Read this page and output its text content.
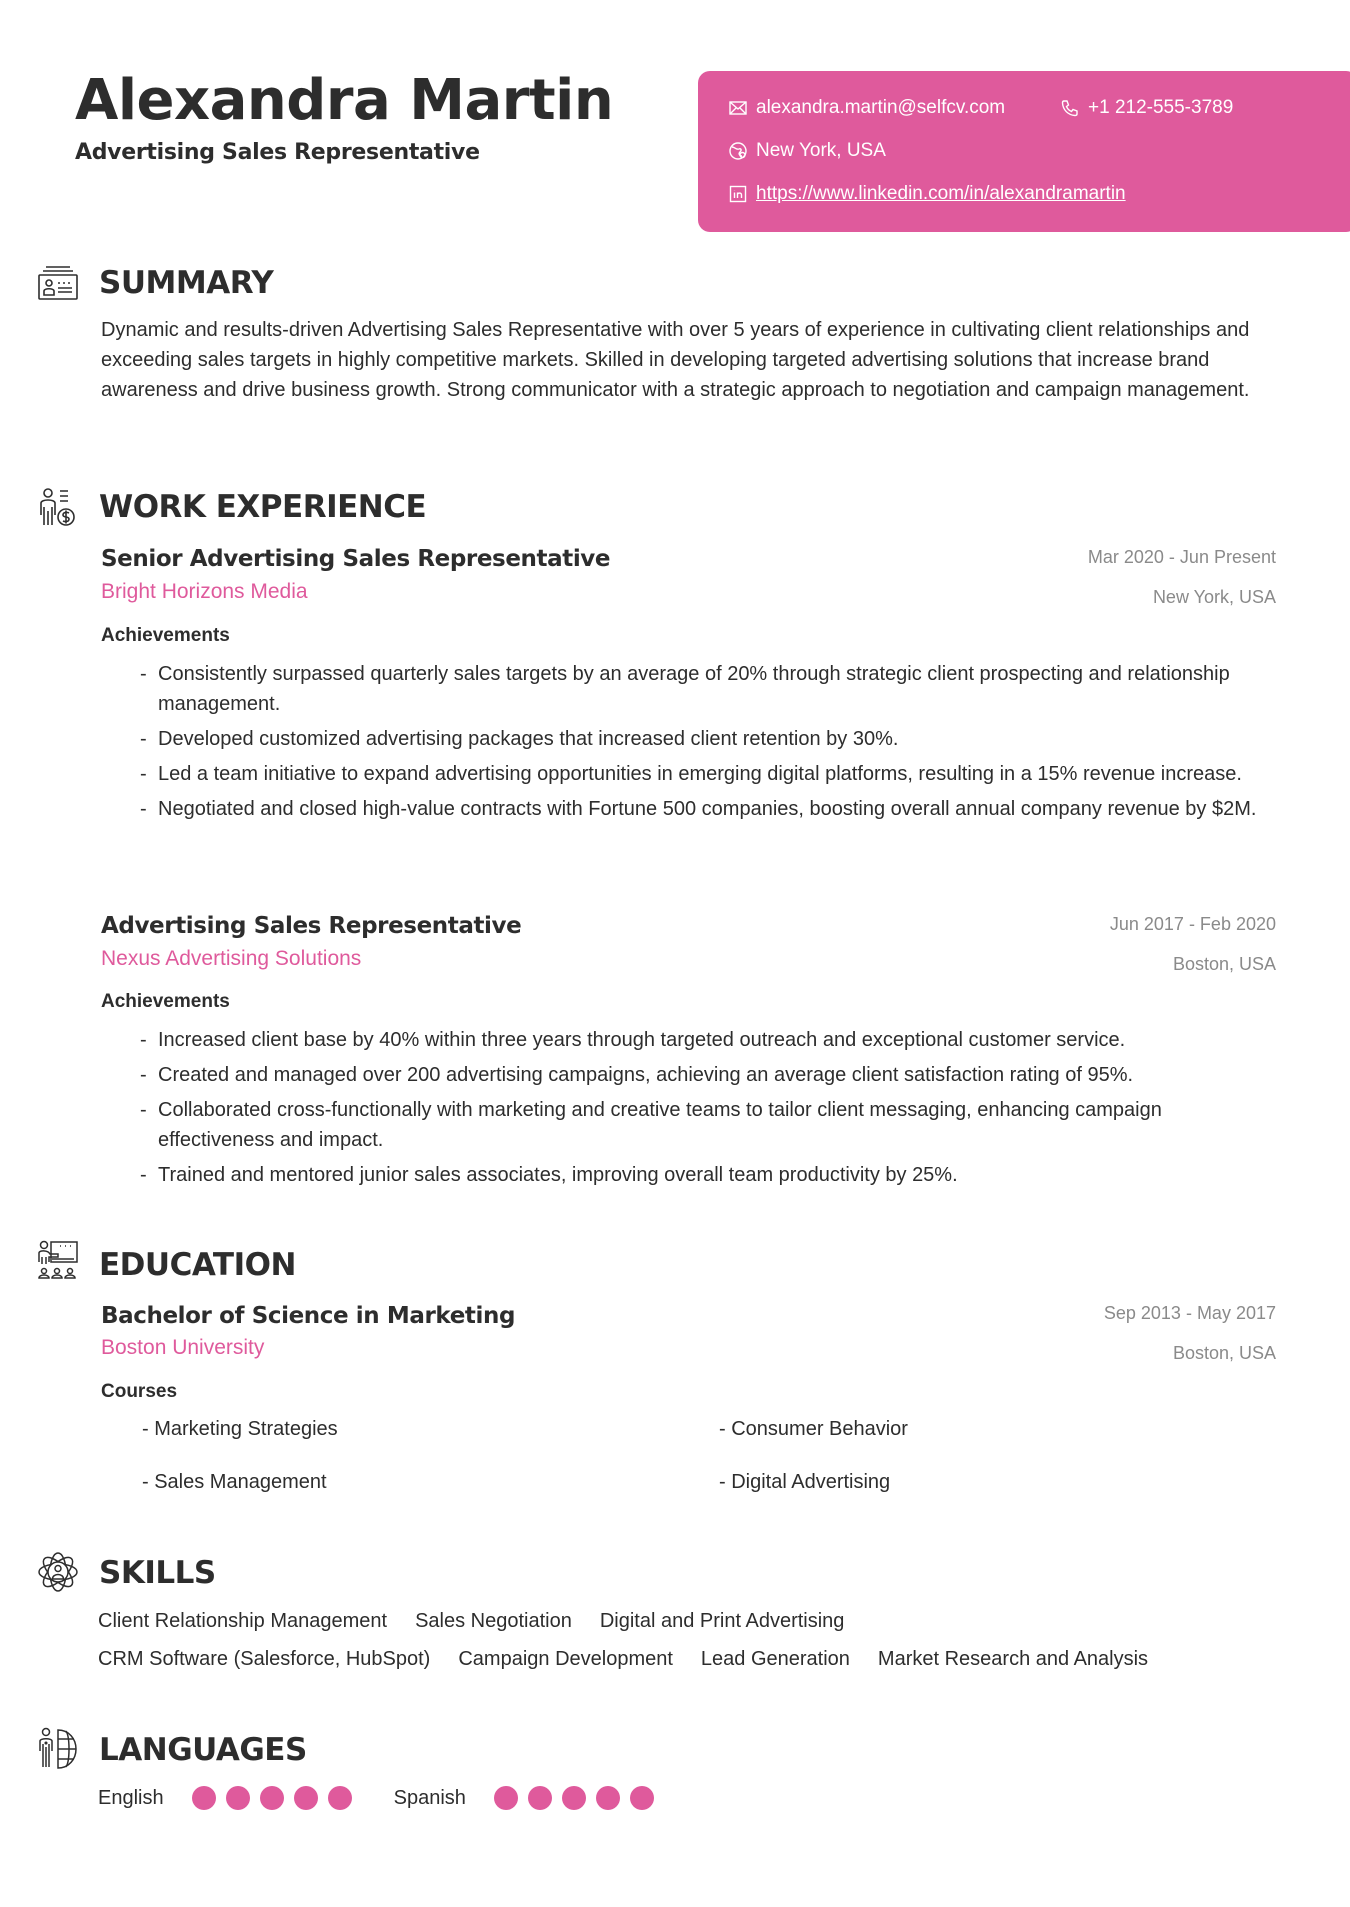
Alexandra Martin
Advertising Sales Representative
alexandra.martin@selfcv.com	+1 212-555-3789
New York, USA
https://www.linkedin.com/in/alexandramartin
SUMMARY

Dynamic and results-driven Advertising Sales Representative with over 5 years of experience in cultivating client relationships and exceeding sales targets in highly competitive markets. Skilled in developing targeted advertising solutions that increase brand awareness and drive business growth. Strong communicator with a strategic approach to negotiation and campaign management.

WORK EXPERIENCE
Senior Advertising Sales Representative
Bright Horizons Media
Mar 2020 - Jun Present
New York, USA
Achievements
- Consistently surpassed quarterly sales targets by an average of 20% through strategic client prospecting and relationship management.
- Developed customized advertising packages that increased client retention by 30%.
- Led a team initiative to expand advertising opportunities in emerging digital platforms, resulting in a 15% revenue increase.
- Negotiated and closed high-value contracts with Fortune 500 companies, boosting overall annual company revenue by $2M.
Advertising Sales Representative
Nexus Advertising Solutions
Jun 2017 - Feb 2020
Boston, USA
Achievements
- Increased client base by 40% within three years through targeted outreach and exceptional customer service.
- Created and managed over 200 advertising campaigns, achieving an average client satisfaction rating of 95%.
- Collaborated cross-functionally with marketing and creative teams to tailor client messaging, enhancing campaign effectiveness and impact.
- Trained and mentored junior sales associates, improving overall team productivity by 25%.
EDUCATION
Bachelor of Science in Marketing
Boston University
Sep 2013 - May 2017
Boston, USA
Courses
- Marketing Strategies	- Consumer Behavior
- Sales Management	- Digital Advertising
SKILLS
Client Relationship Management Sales Negotiation Digital and Print Advertising
CRM Software (Salesforce, HubSpot) Campaign Development Lead Generation Market Research and Analysis
LANGUAGES
English	Spanish
